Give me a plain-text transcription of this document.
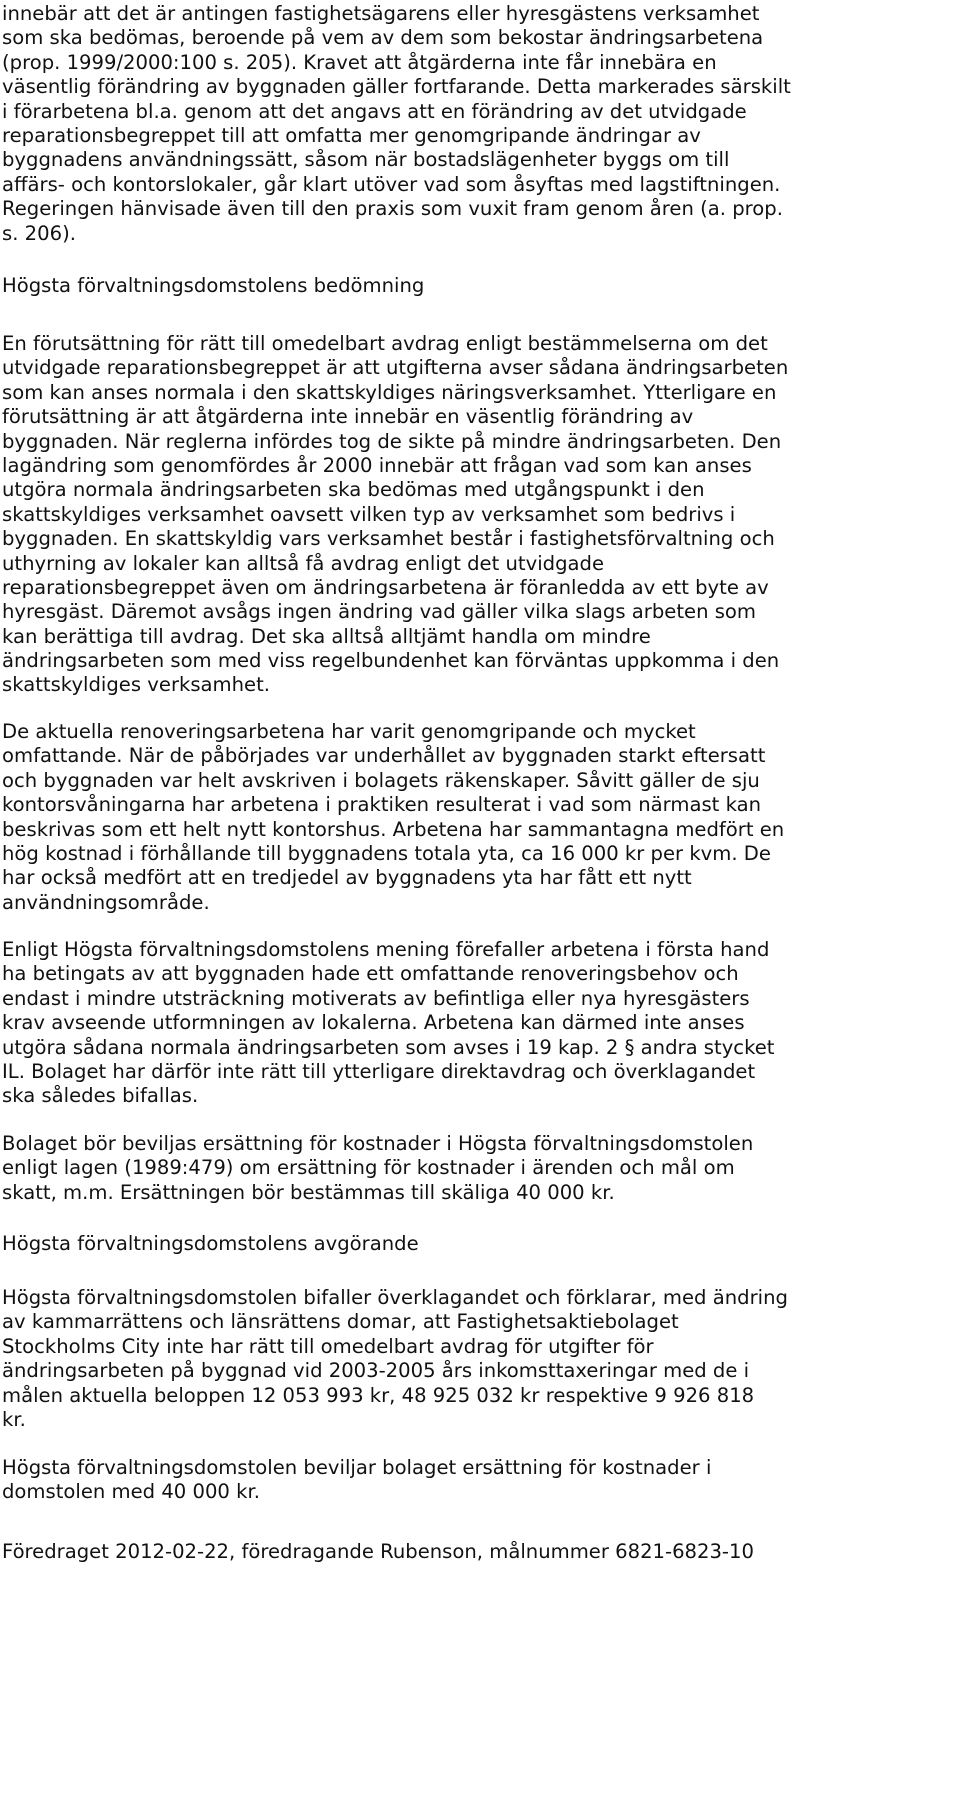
innebär att det är antingen fastighetsägarens eller hyresgästens verksamhet
som ska bedömas, beroende på vem av dem som bekostar ändringsarbetena
(prop. 1999/2000:100 s. 205). Kravet att åtgärderna inte får innebära en
väsentlig förändring av byggnaden gäller fortfarande. Detta markerades särskilt
i förarbetena bl.a. genom att det angavs att en förändring av det utvidgade
reparationsbegreppet till att omfatta mer genomgripande ändringar av
byggnadens användningssätt, såsom när bostadslägenheter byggs om till
affärs- och kontorslokaler, går klart utöver vad som åsyftas med lagstiftningen.
Regeringen hänvisade även till den praxis som vuxit fram genom åren (a. prop.
s. 206).
Högsta förvaltningsdomstolens bedömning
En förutsättning för rätt till omedelbart avdrag enligt bestämmelserna om det
utvidgade reparationsbegreppet är att utgifterna avser sådana ändringsarbeten
som kan anses normala i den skattskyldiges näringsverksamhet. Ytterligare en
förutsättning är att åtgärderna inte innebär en väsentlig förändring av
byggnaden. När reglerna infördes tog de sikte på mindre ändringsarbeten. Den
lagändring som genomfördes år 2000 innebär att frågan vad som kan anses
utgöra normala ändringsarbeten ska bedömas med utgångspunkt i den
skattskyldiges verksamhet oavsett vilken typ av verksamhet som bedrivs i
byggnaden. En skattskyldig vars verksamhet består i fastighetsförvaltning och
uthyrning av lokaler kan alltså få avdrag enligt det utvidgade
reparationsbegreppet även om ändringsarbetena är föranledda av ett byte av
hyresgäst. Däremot avsågs ingen ändring vad gäller vilka slags arbeten som
kan berättiga till avdrag. Det ska alltså alltjämt handla om mindre
ändringsarbeten som med viss regelbundenhet kan förväntas uppkomma i den
skattskyldiges verksamhet.
De aktuella renoveringsarbetena har varit genomgripande och mycket
omfattande. När de påbörjades var underhållet av byggnaden starkt eftersatt
och byggnaden var helt avskriven i bolagets räkenskaper. Såvitt gäller de sju
kontorsvåningarna har arbetena i praktiken resulterat i vad som närmast kan
beskrivas som ett helt nytt kontorshus. Arbetena har sammantagna medfört en
hög kostnad i förhållande till byggnadens totala yta, ca 16 000 kr per kvm. De
har också medfört att en tredjedel av byggnadens yta har fått ett nytt
användningsområde.
Enligt Högsta förvaltningsdomstolens mening förefaller arbetena i första hand
ha betingats av att byggnaden hade ett omfattande renoveringsbehov och
endast i mindre utsträckning motiverats av befintliga eller nya hyresgästers
krav avseende utformningen av lokalerna. Arbetena kan därmed inte anses
utgöra sådana normala ändringsarbeten som avses i 19 kap. 2 § andra stycket
IL. Bolaget har därför inte rätt till ytterligare direktavdrag och överklagandet
ska således bifallas.
Bolaget bör beviljas ersättning för kostnader i Högsta förvaltningsdomstolen
enligt lagen (1989:479) om ersättning för kostnader i ärenden och mål om
skatt, m.m. Ersättningen bör bestämmas till skäliga 40 000 kr.
Högsta förvaltningsdomstolens avgörande
Högsta förvaltningsdomstolen bifaller överklagandet och förklarar, med ändring
av kammarrättens och länsrättens domar, att Fastighetsaktiebolaget
Stockholms City inte har rätt till omedelbart avdrag för utgifter för
ändringsarbeten på byggnad vid 2003-2005 års inkomsttaxeringar med de i
målen aktuella beloppen 12 053 993 kr, 48 925 032 kr respektive 9 926 818
kr.
Högsta förvaltningsdomstolen beviljar bolaget ersättning för kostnader i
domstolen med 40 000 kr.
Föredraget 2012-02-22, föredragande Rubenson, målnummer 6821-6823-10
